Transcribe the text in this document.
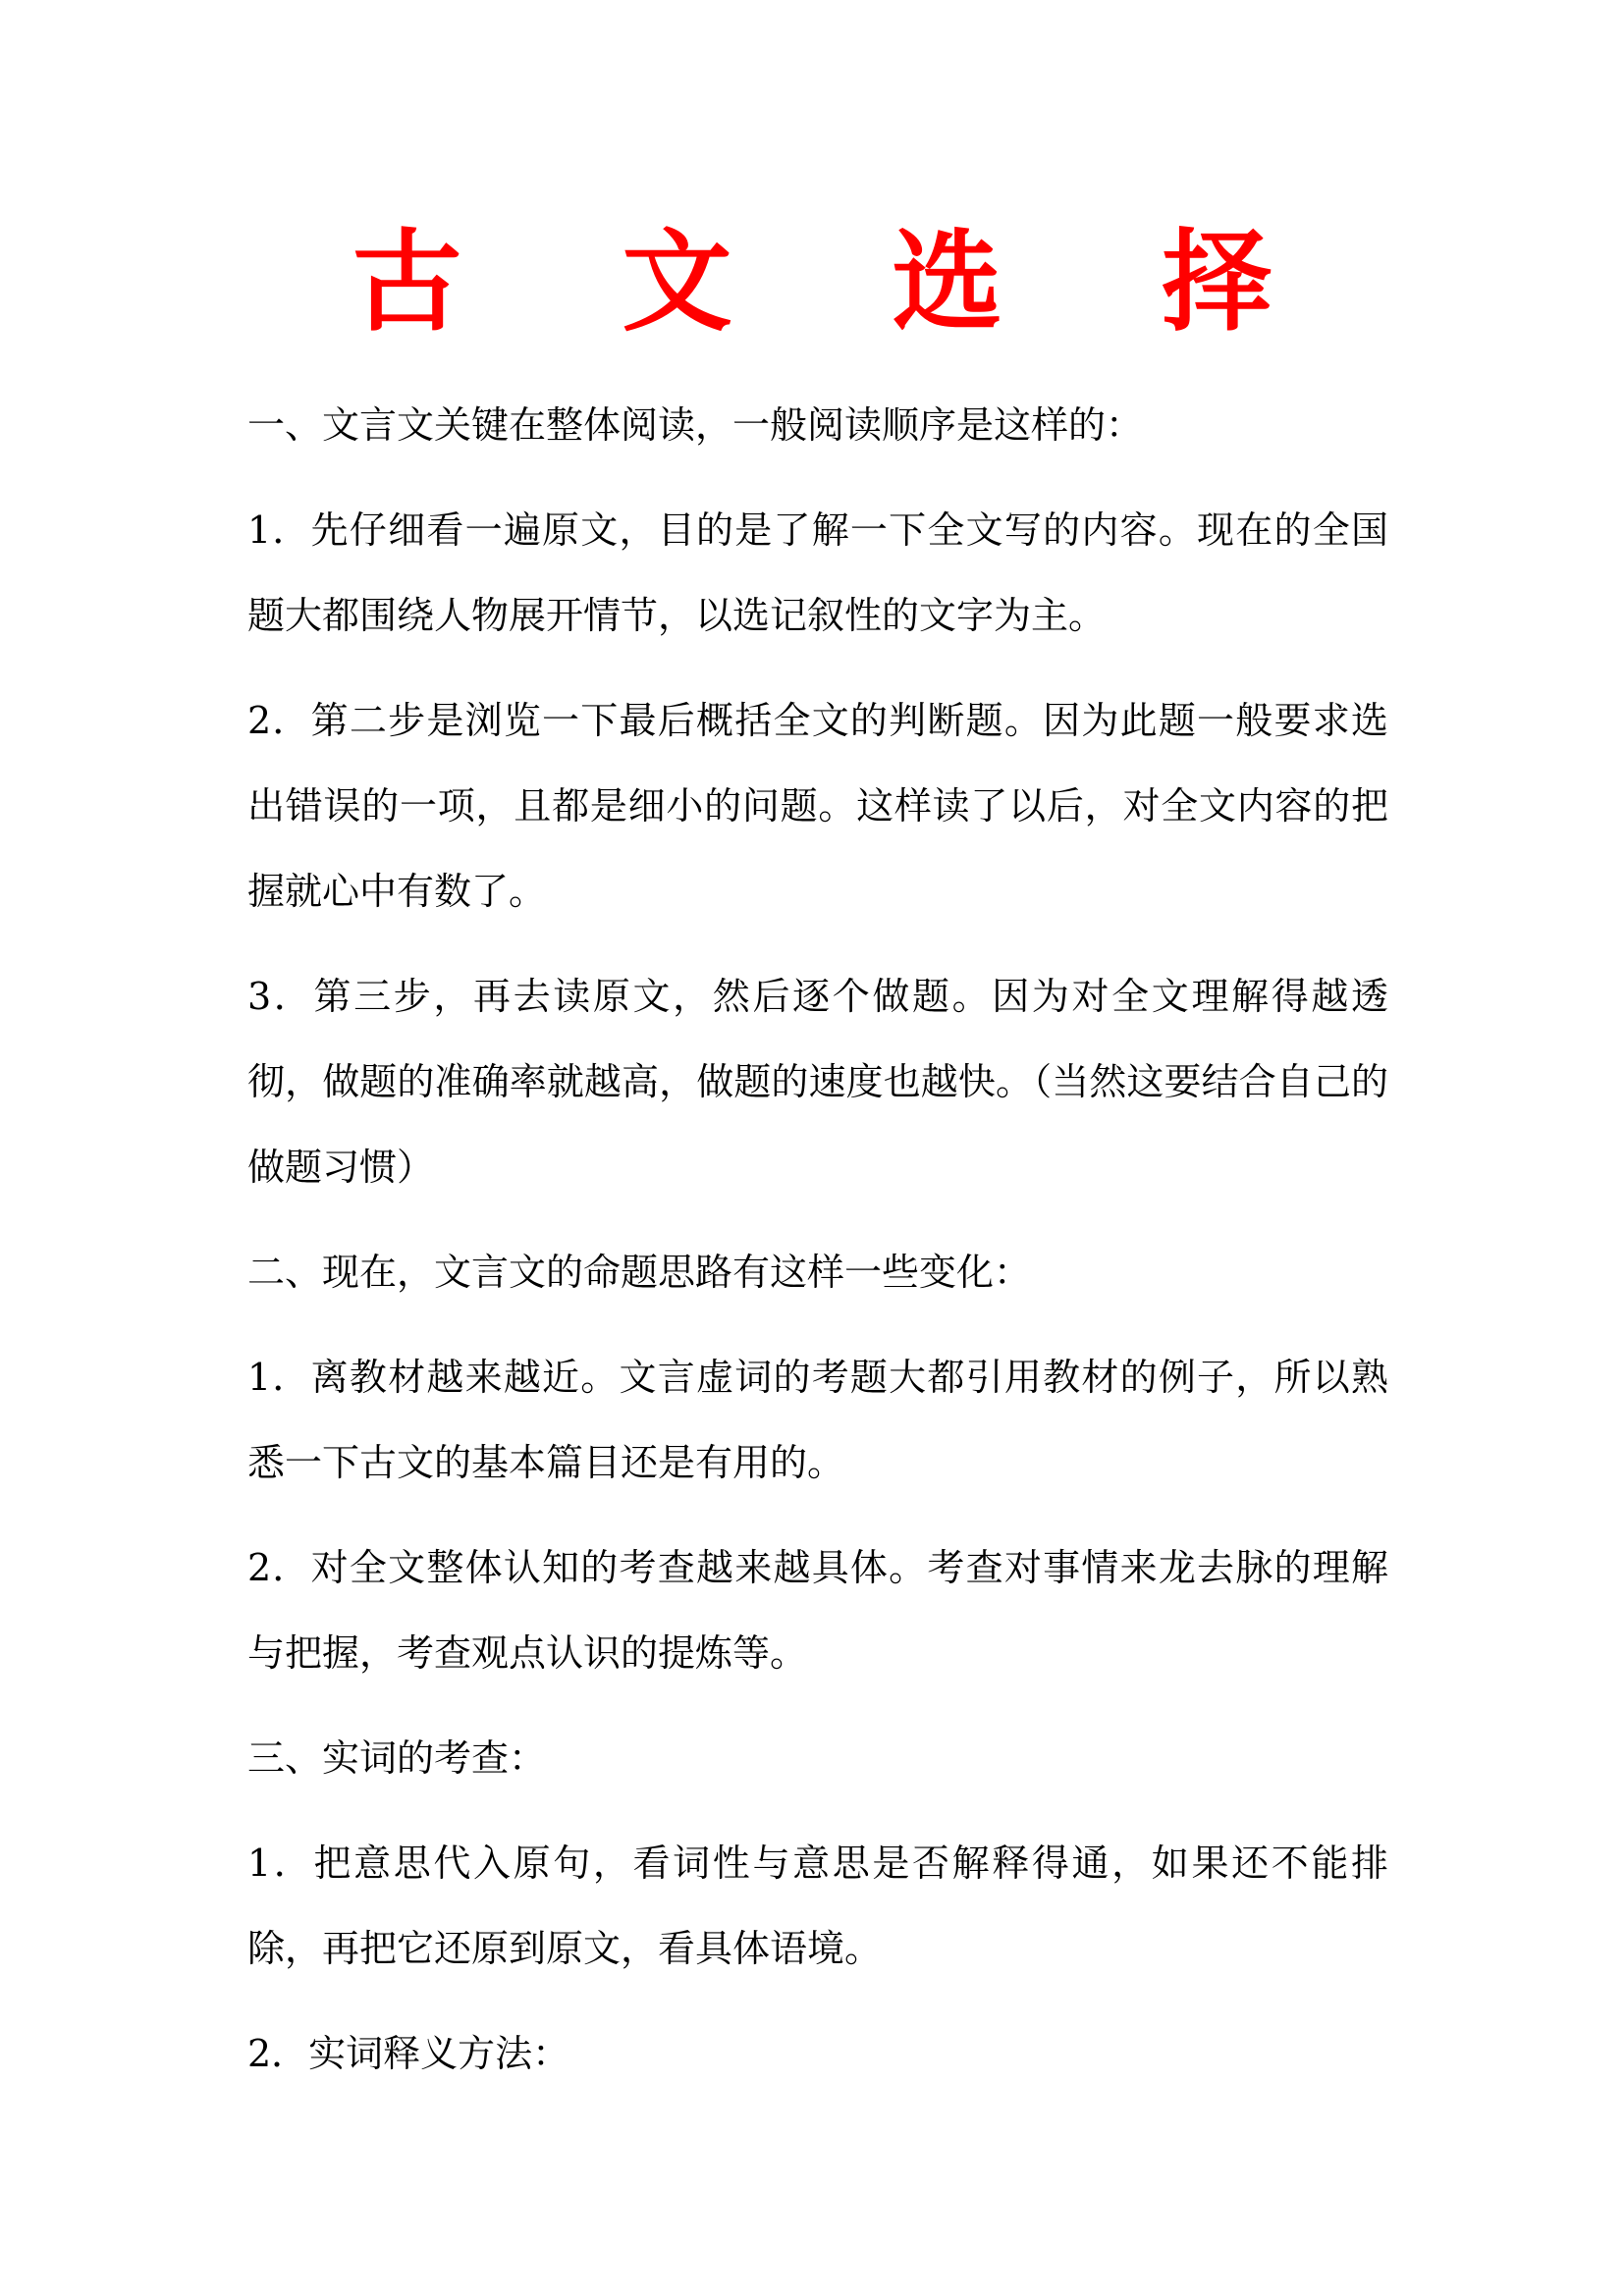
古 文 选 择

一、文言文关键在整体阅读，一般阅读顺序是这样的：

1．先仔细看一遍原文，目的是了解一下全文写的内容。现在的全国题大都围绕人物展开情节，以选记叙性的文字为主。

2．第二步是浏览一下最后概括全文的判断题。因为此题一般要求选出错误的一项，且都是细小的问题。这样读了以后，对全文内容的把握就心中有数了。

3．第三步，再去读原文，然后逐个做题。因为对全文理解得越透彻，做题的准确率就越高，做题的速度也越快。（当然这要结合自己的做题习惯）

二、现在，文言文的命题思路有这样一些变化：

1．离教材越来越近。文言虚词的考题大都引用教材的例子，所以熟悉一下古文的基本篇目还是有用的。

2．对全文整体认知的考查越来越具体。考查对事情来龙去脉的理解与把握，考查观点认识的提炼等。

三、实词的考查：

1．把意思代入原句，看词性与意思是否解释得通，如果还不能排除，再把它还原到原文，看具体语境。

2．实词释义方法：
